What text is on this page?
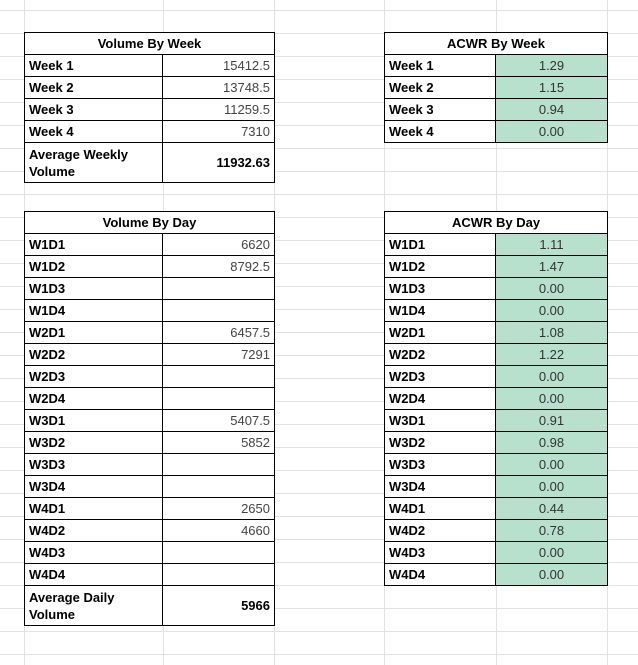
Volume By Week	
Week 1	15412.5
Week 2	13748.5
Week 3	11259.5
Week 4	7310
Average Weekly Volume	11932.63
ACWR By Week	
Week 1	1.29
Week 2	1.15
Week 3	0.94
Week 4	0.00
Volume By Day	
W1D1	6620
W1D2	8792.5
W1D3	
W1D4	
W2D1	6457.5
W2D2	7291
W2D3	
W2D4	
W3D1	5407.5
W3D2	5852
W3D3	
W3D4	
W4D1	2650
W4D2	4660
W4D3	
W4D4	
Average Daily Volume	5966
ACWR By Day	
W1D1	1.11
W1D2	1.47
W1D3	0.00
W1D4	0.00
W2D1	1.08
W2D2	1.22
W2D3	0.00
W2D4	0.00
W3D1	0.91
W3D2	0.98
W3D3	0.00
W3D4	0.00
W4D1	0.44
W4D2	0.78
W4D3	0.00
W4D4	0.00
